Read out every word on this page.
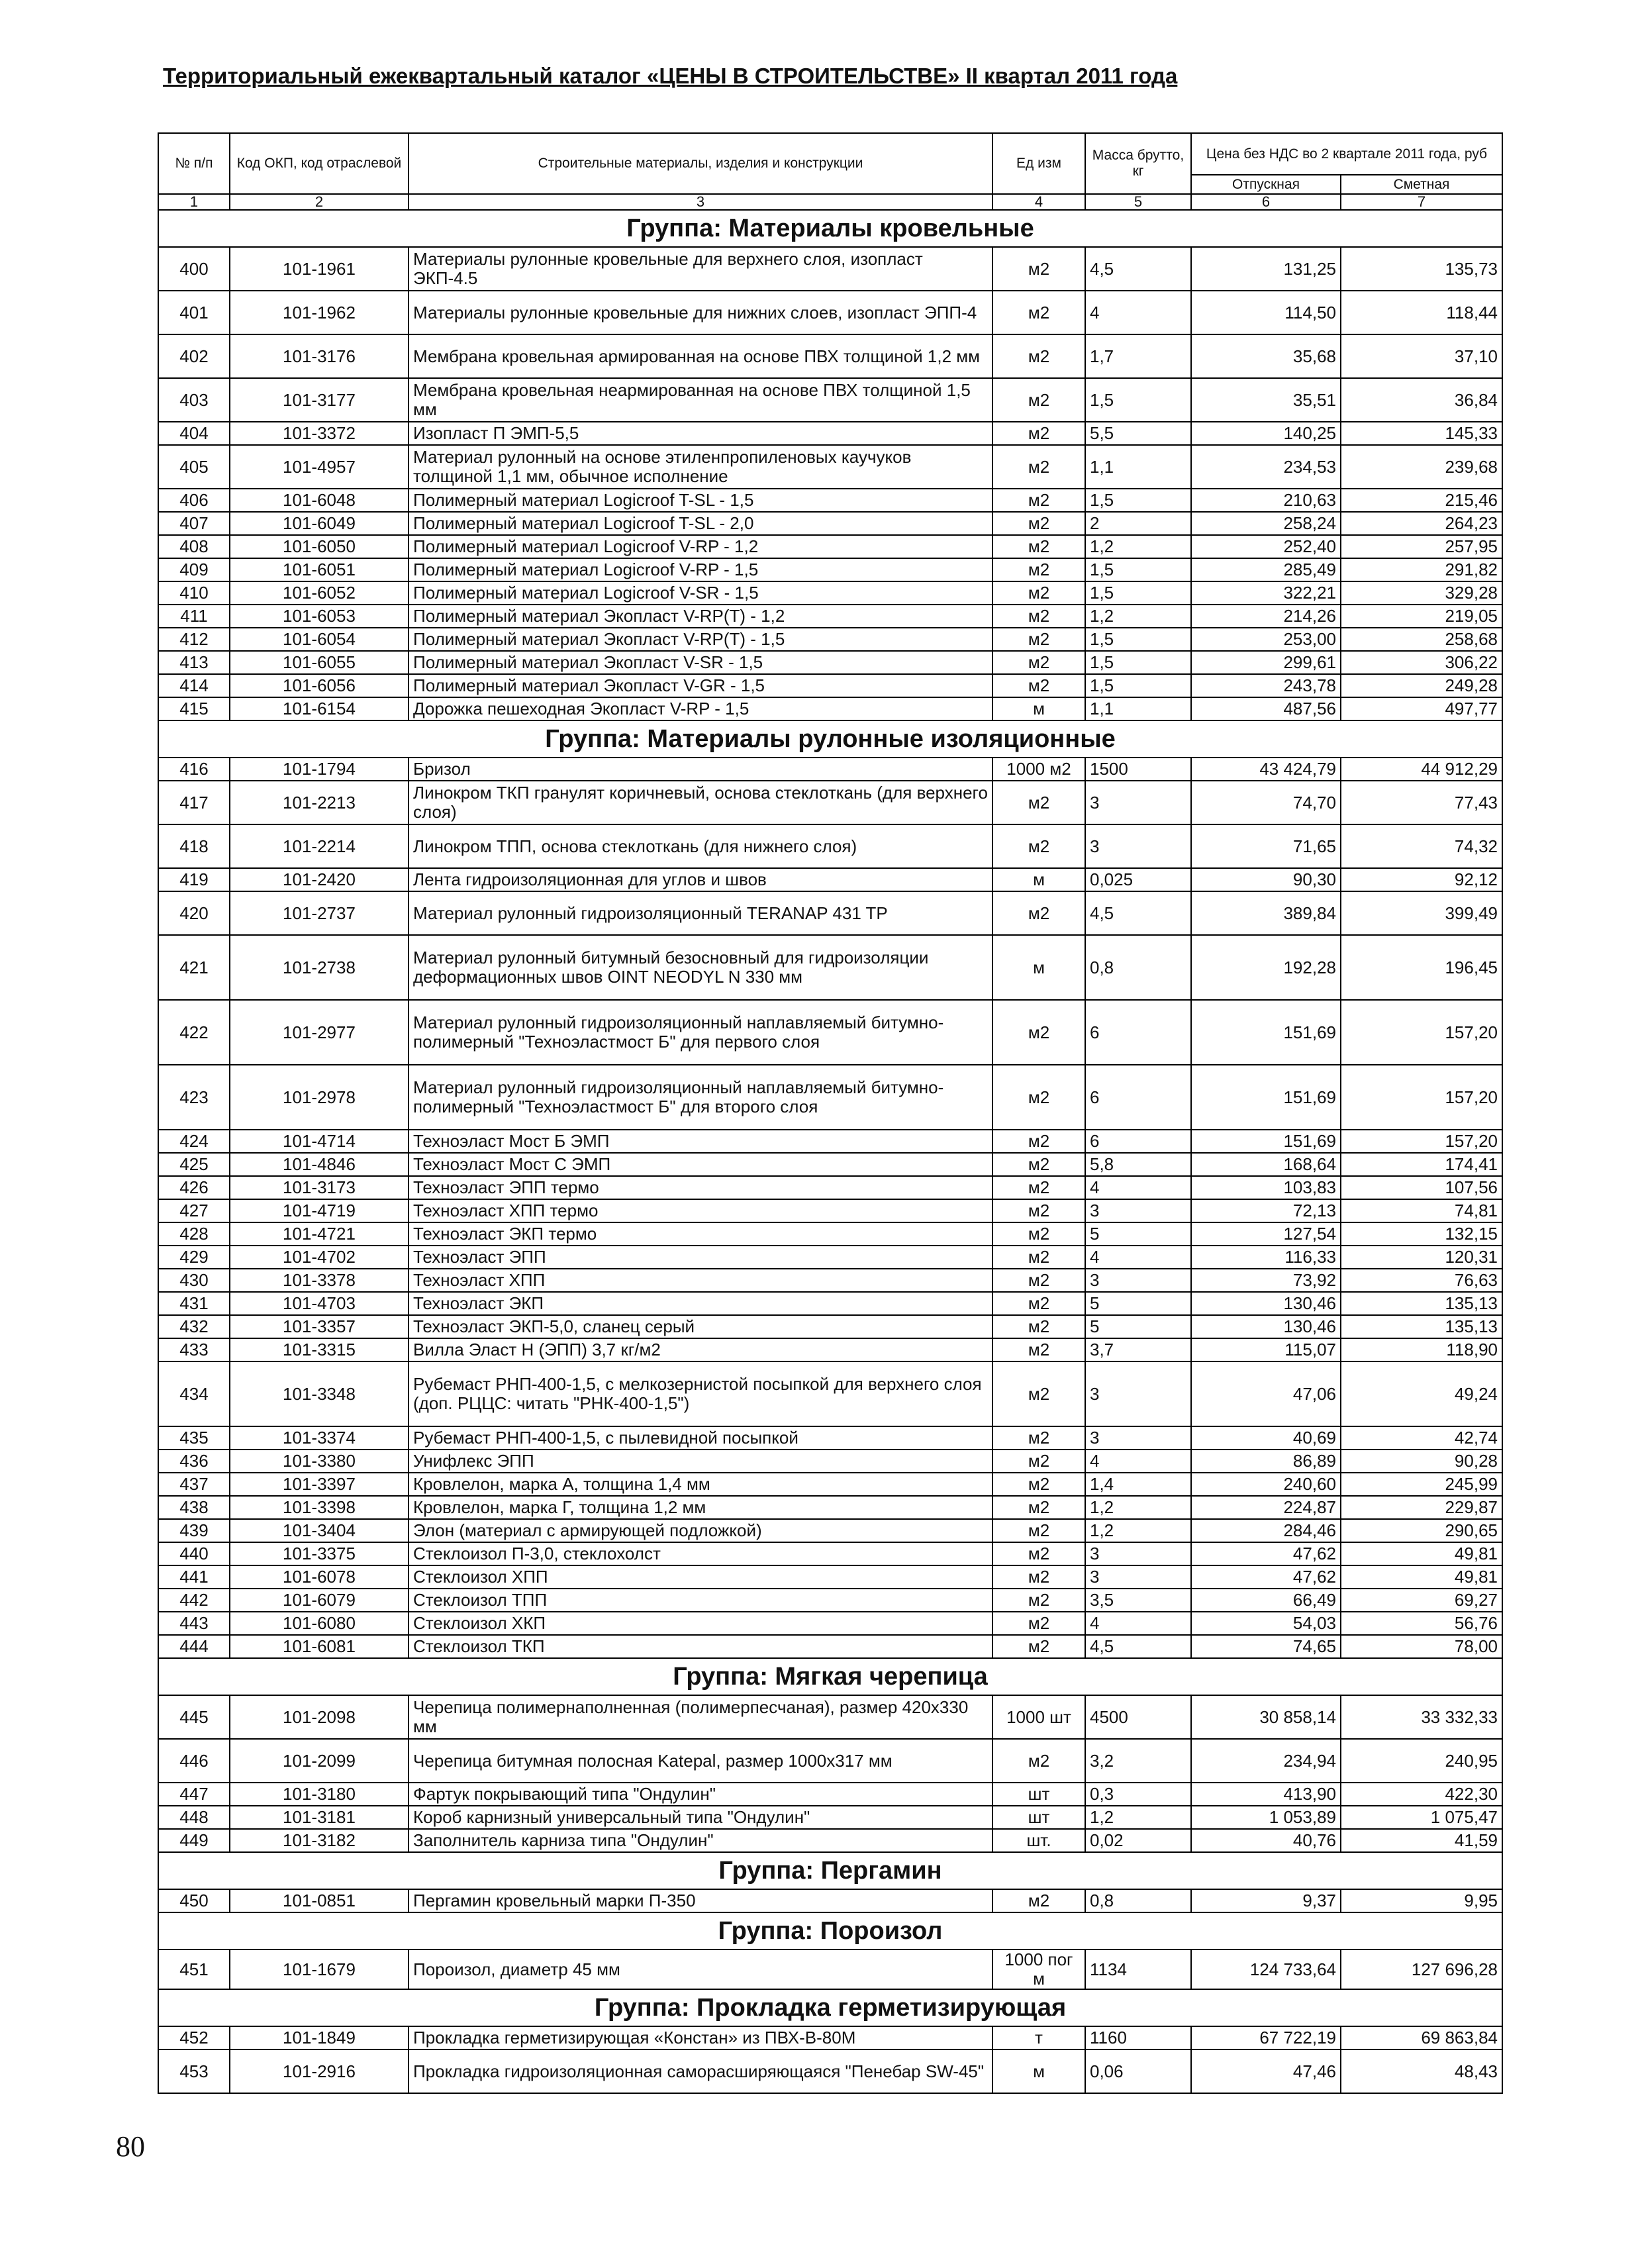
Территориальный ежеквартальный каталог «ЦЕНЫ В СТРОИТЕЛЬСТВЕ» II квартал 2011 года
№ п/п	Код ОКП, код отраслевой	Строительные материалы, изделия и конструкции	Ед изм	Масса брутто, кг	Цена без НДС во 2 квартале 2011 года, руб	
					Отпускная	Сметная
1	2	3	4	5	6	7
Группа: Материалы кровельные						
400	101-1961	Материалы рулонные кровельные для верхнего слоя, изопласт ЭКП-4.5	м2	4,5	131,25	135,73
401	101-1962	Материалы рулонные кровельные для нижних слоев, изопласт ЭПП-4	м2	4	114,50	118,44
402	101-3176	Мембрана кровельная армированная на основе ПВХ толщиной 1,2 мм	м2	1,7	35,68	37,10
403	101-3177	Мембрана кровельная неармированная на основе ПВХ толщиной 1,5 мм	м2	1,5	35,51	36,84
404	101-3372	Изопласт П ЭМП-5,5	м2	5,5	140,25	145,33
405	101-4957	Материал рулонный на основе этиленпропиленовых каучуков толщиной 1,1 мм, обычное исполнение	м2	1,1	234,53	239,68
406	101-6048	Полимерный материал Logicroof T-SL - 1,5	м2	1,5	210,63	215,46
407	101-6049	Полимерный материал Logicroof T-SL - 2,0	м2	2	258,24	264,23
408	101-6050	Полимерный материал Logicroof V-RP - 1,2	м2	1,2	252,40	257,95
409	101-6051	Полимерный материал Logicroof V-RP - 1,5	м2	1,5	285,49	291,82
410	101-6052	Полимерный материал Logicroof V-SR - 1,5	м2	1,5	322,21	329,28
411	101-6053	Полимерный материал Экопласт V-RP(T) - 1,2	м2	1,2	214,26	219,05
412	101-6054	Полимерный материал Экопласт V-RP(T) - 1,5	м2	1,5	253,00	258,68
413	101-6055	Полимерный материал Экопласт V-SR - 1,5	м2	1,5	299,61	306,22
414	101-6056	Полимерный материал Экопласт V-GR - 1,5	м2	1,5	243,78	249,28
415	101-6154	Дорожка пешеходная Экопласт V-RP - 1,5	м	1,1	487,56	497,77
Группа: Материалы рулонные изоляционные						
416	101-1794	Бризол	1000 м2	1500	43 424,79	44 912,29
417	101-2213	Линокром ТКП гранулят коричневый, основа стеклоткань (для верхнего слоя)	м2	3	74,70	77,43
418	101-2214	Линокром ТПП, основа стеклоткань (для нижнего слоя)	м2	3	71,65	74,32
419	101-2420	Лента гидроизоляционная для углов и швов	м	0,025	90,30	92,12
420	101-2737	Материал рулонный гидроизоляционный TERANAP 431 TP	м2	4,5	389,84	399,49
421	101-2738	Материал рулонный битумный безосновный для гидроизоляции деформационных швов OINT NEODYL N 330 мм	м	0,8	192,28	196,45
422	101-2977	Материал рулонный гидроизоляционный наплавляемый битумно-полимерный "Техноэластмост Б" для первого слоя	м2	6	151,69	157,20
423	101-2978	Материал рулонный гидроизоляционный наплавляемый битумно-полимерный "Техноэластмост Б" для второго слоя	м2	6	151,69	157,20
424	101-4714	Техноэласт Мост Б ЭМП	м2	6	151,69	157,20
425	101-4846	Техноэласт Мост С ЭМП	м2	5,8	168,64	174,41
426	101-3173	Техноэласт ЭПП термо	м2	4	103,83	107,56
427	101-4719	Техноэласт ХПП термо	м2	3	72,13	74,81
428	101-4721	Техноэласт ЭКП термо	м2	5	127,54	132,15
429	101-4702	Техноэласт ЭПП	м2	4	116,33	120,31
430	101-3378	Техноэласт ХПП	м2	3	73,92	76,63
431	101-4703	Техноэласт ЭКП	м2	5	130,46	135,13
432	101-3357	Техноэласт ЭКП-5,0, сланец серый	м2	5	130,46	135,13
433	101-3315	Вилла Эласт Н (ЭПП) 3,7 кг/м2	м2	3,7	115,07	118,90
434	101-3348	Рубемаст РНП-400-1,5, с мелкозернистой посыпкой для верхнего слоя (доп. РЦЦС: читать "РНК-400-1,5")	м2	3	47,06	49,24
435	101-3374	Рубемаст РНП-400-1,5, с пылевидной посыпкой	м2	3	40,69	42,74
436	101-3380	Унифлекс ЭПП	м2	4	86,89	90,28
437	101-3397	Кровлелон, марка А, толщина 1,4 мм	м2	1,4	240,60	245,99
438	101-3398	Кровлелон, марка Г, толщина 1,2 мм	м2	1,2	224,87	229,87
439	101-3404	Элон (материал с армирующей подложкой)	м2	1,2	284,46	290,65
440	101-3375	Стеклоизол П-3,0, стеклохолст	м2	3	47,62	49,81
441	101-6078	Стеклоизол ХПП	м2	3	47,62	49,81
442	101-6079	Стеклоизол ТПП	м2	3,5	66,49	69,27
443	101-6080	Стеклоизол ХКП	м2	4	54,03	56,76
444	101-6081	Стеклоизол ТКП	м2	4,5	74,65	78,00
Группа: Мягкая черепица						
445	101-2098	Черепица полимернаполненная (полимерпесчаная), размер 420х330 мм	1000 шт	4500	30 858,14	33 332,33
446	101-2099	Черепица битумная полосная Katepal, размер 1000х317 мм	м2	3,2	234,94	240,95
447	101-3180	Фартук покрывающий типа "Ондулин"	шт	0,3	413,90	422,30
448	101-3181	Короб карнизный универсальный типа "Ондулин"	шт	1,2	1 053,89	1 075,47
449	101-3182	Заполнитель карниза типа "Ондулин"	шт.	0,02	40,76	41,59
Группа: Пергамин						
450	101-0851	Пергамин кровельный марки П-350	м2	0,8	9,37	9,95
Группа: Пороизол						
451	101-1679	Пороизол, диаметр 45 мм	1000 пог м	1134	124 733,64	127 696,28
Группа: Прокладка герметизирующая						
452	101-1849	Прокладка герметизирующая «Констан» из ПВХ-В-80М	т	1160	67 722,19	69 863,84
453	101-2916	Прокладка гидроизоляционная саморасширяющаяся "Пенебар SW-45"	м	0,06	47,46	48,43
80
